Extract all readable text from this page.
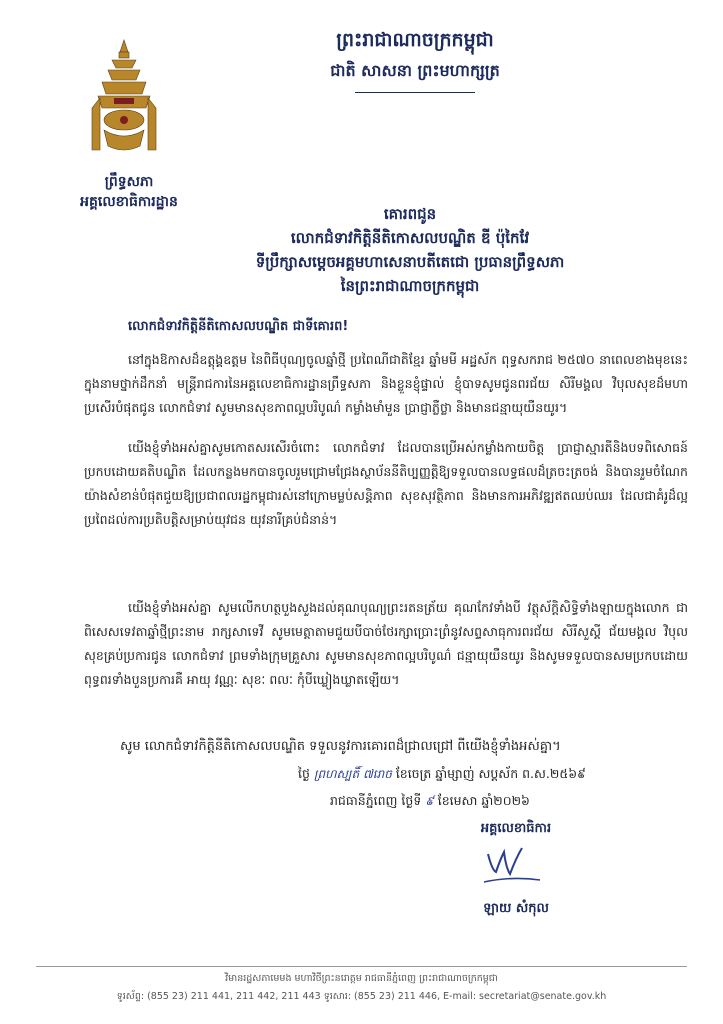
ព្រះរាជាណាចក្រកម្ពុជា
ជាតិ សាសនា ព្រះមហាក្សត្រ
ព្រឹទ្ធសភា
អគ្គលេខាធិការដ្ឋាន
គោរពជូន
លោកជំទាវកិត្តិនីតិកោសលបណ្ឌិត ឌី ប៉ុកៃវែ
ទីប្រឹក្សាសម្ដេចអគ្គមហាសេនាបតីតេជោ ប្រធានព្រឹទ្ធសភា
នៃព្រះរាជាណាចក្រកម្ពុជា
លោកជំទាវកិត្តិនីតិកោសលបណ្ឌិត ជាទីគោរព!
នៅក្នុងឱកាសដ៏ឧត្តុង្គឧត្តម នៃពិធីបុណ្យចូលឆ្នាំថ្មី ប្រពៃណីជាតិខ្មែរ ឆ្នាំមមី អដ្ឋស័ក ពុទ្ធសករាជ ២៥៧០ នាពេលខាងមុខនេះ ក្នុងនាមថ្នាក់ដឹកនាំ មន្ត្រីរាជការនៃអគ្គលេខាធិការដ្ឋានព្រឹទ្ធសភា និងខ្លួនខ្ញុំផ្ទាល់ ខ្ញុំបាទសូមជូនពរជ័យ សិរីមង្គល វិបុលសុខដ៏មហាប្រសើរបំផុតជូន លោកជំទាវ សូមមានសុខភាពល្អបរិបូណ៌ កម្លាំងមាំមួន ប្រាជ្ញាភ្លឺថ្លា និងមានជន្មាយុយឺនយូរ។
យើងខ្ញុំទាំងអស់គ្នាសូមកោតសរសើរចំពោះ លោកជំទាវ ដែលបានប្រើអស់កម្លាំងកាយចិត្ត ប្រាជ្ញាស្មារតីនិងបទពិសោធន៍ប្រកបដោយគតិបណ្ឌិត ដែលកន្លងមកបានចូលរួមជ្រោមជ្រែងស្ថាប័ននីតិប្បញ្ញត្តិឱ្យទទួលបានលទ្ធផលដ៏ត្រចះត្រចង់ និងបានរួមចំណែកយ៉ាងសំខាន់បំផុតជួយឱ្យប្រជាពលរដ្ឋកម្ពុជារស់នៅក្រោមម្លប់សន្តិភាព សុខសុវត្ថិភាព និងមានការអភិវឌ្ឍឥតឈប់ឈរ ដែលជាគំរូដ៏ល្អប្រពៃដល់ការប្រតិបត្តិសម្រាប់យុវជន យុវនារីគ្រប់ជំនាន់។
យើងខ្ញុំទាំងអស់គ្នា សូមលើកហត្ថបួងសួងដល់គុណបុណ្យព្រះរតនត្រ័យ គុណកែវទាំងបី វត្ថុស័ក្តិសិទ្ធិទាំងឡាយក្នុងលោក ជាពិសេសទេវតាឆ្នាំថ្មីព្រះនាម រាក្សសាទេវី សូមមេត្តាតាមជួយបីបាច់ថែរក្សាប្រោះព្រំនូវសព្ទសាធុការពរជ័យ សិរីសួស្តី ជ័យមង្គល វិបុលសុខគ្រប់ប្រការជូន លោកជំទាវ ព្រមទាំងក្រុមគ្រួសារ សូមមានសុខភាពល្អបរិបូណ៌ ជន្មាយុយឺនយូរ និងសូមទទួលបានសមប្រកបដោយពុទ្ធពរទាំងបួនប្រការគឺ អាយុ វណ្ណៈ សុខៈ ពលៈ កុំបីឃ្លៀងឃ្លាតឡើយ។
សូម លោកជំទាវកិត្តិនីតិកោសលបណ្ឌិត ទទួលនូវការគោរពដ៏ជ្រាលជ្រៅ ពីយើងខ្ញុំទាំងអស់គ្នា។
ថ្ងៃ ព្រហស្បតិ៍ ៧រោច ខែចេត្រ ឆ្នាំម្សាញ់ សប្តស័ក ព.ស.២៥៦៩
រាជធានីភ្នំពេញ ថ្ងៃទី ៩ ខែមេសា ឆ្នាំ២០២៦
អគ្គលេខាធិការ
ឡាយ សំកុល
វិមានរដ្ឋសភាមេមង មហាវិថីព្រះនរោត្តម រាជធានីភ្នំពេញ ព្រះរាជាណាចក្រកម្ពុជា
ទូរស័ព្ទ: (855 23) 211 441, 211 442, 211 443 ទូរសារ: (855 23) 211 446, E-mail: secretariat@senate.gov.kh
